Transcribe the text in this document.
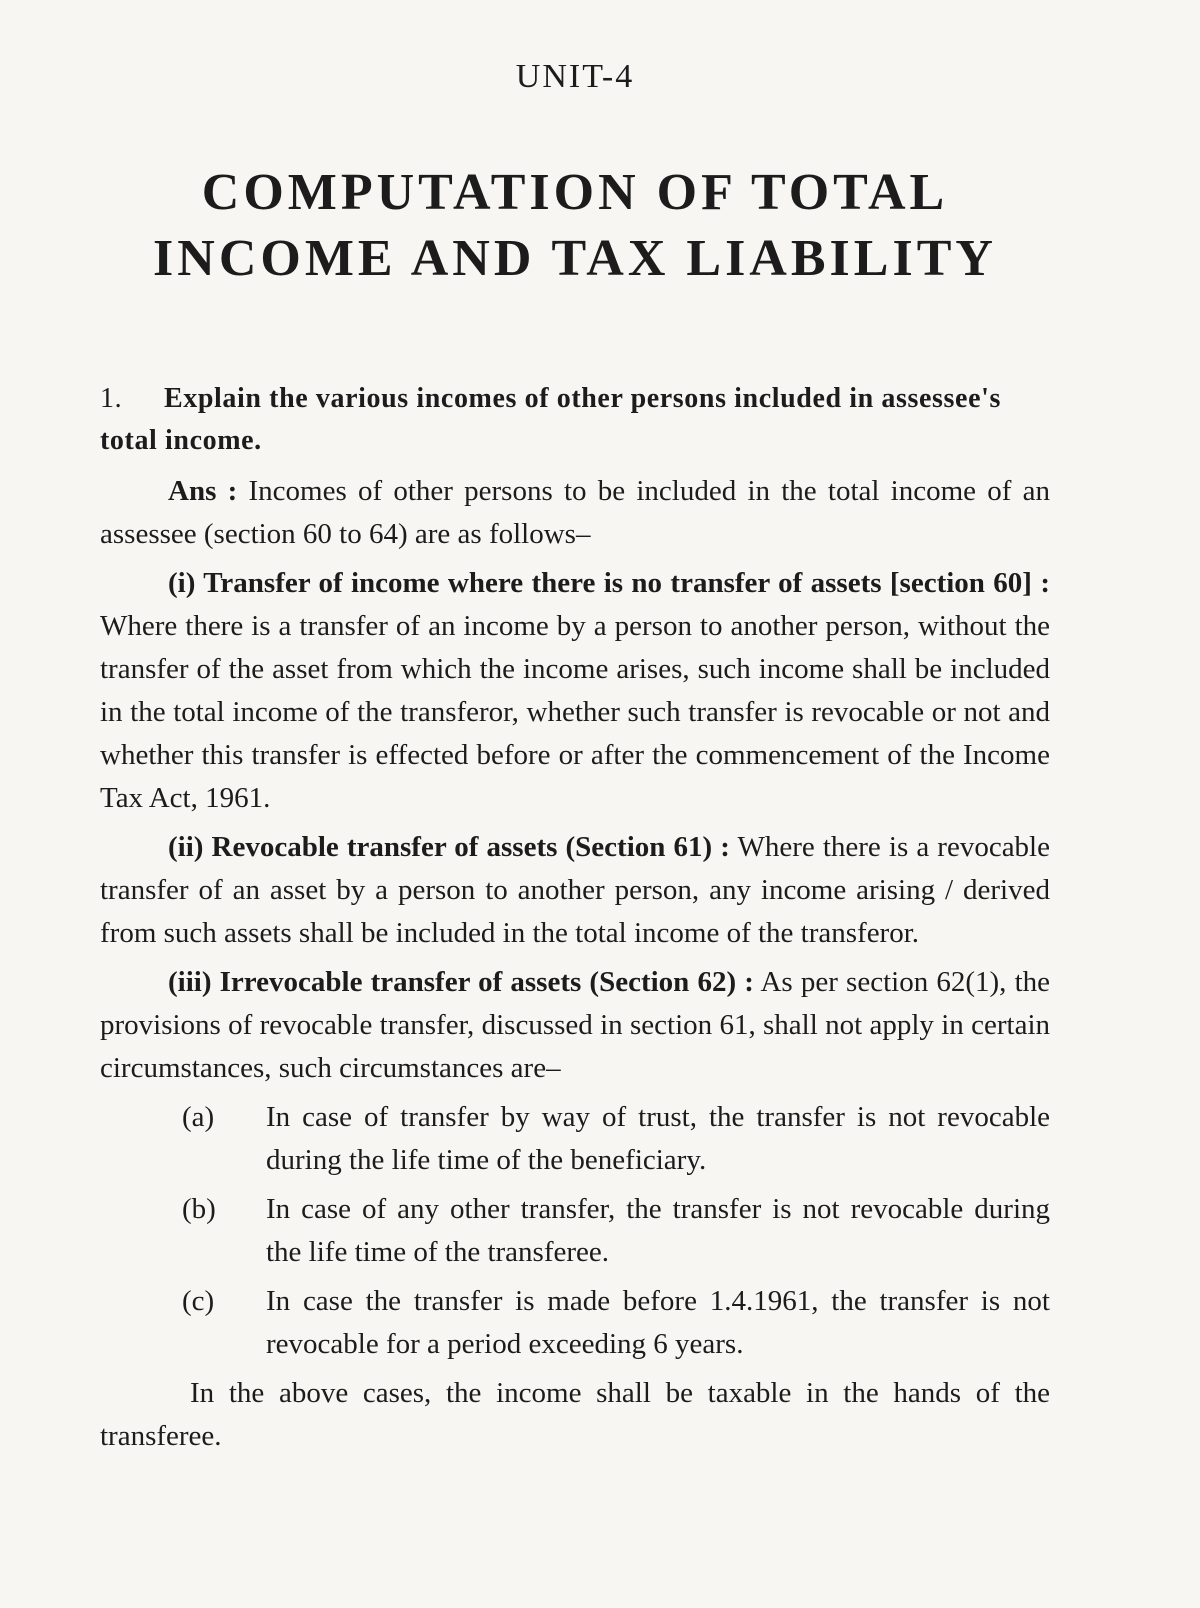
UNIT-4
COMPUTATION OF TOTAL
INCOME AND TAX LIABILITY
1. Explain the various incomes of other persons included in assessee's total income.

Ans : Incomes of other persons to be included in the total income of an assessee (section 60 to 64) are as follows–

(i) Transfer of income where there is no transfer of assets [section 60] : Where there is a transfer of an income by a person to another person, without the transfer of the asset from which the income arises, such income shall be included in the total income of the transferor, whether such transfer is revocable or not and whether this transfer is effected before or after the commencement of the Income Tax Act, 1961.

(ii) Revocable transfer of assets (Section 61) : Where there is a revocable transfer of an asset by a person to another person, any income arising / derived from such assets shall be included in the total income of the transferor.

(iii) Irrevocable transfer of assets (Section 62) : As per section 62(1), the provisions of revocable transfer, discussed in section 61, shall not apply in certain circumstances, such circumstances are–

(a)	In case of transfer by way of trust, the transfer is not revocable during the life time of the beneficiary.
(b)	In case of any other transfer, the transfer is not revocable during the life time of the transferee.
(c)	In case the transfer is made before 1.4.1961, the transfer is not revocable for a period exceeding 6 years.

In the above cases, the income shall be taxable in the hands of the transferee.
